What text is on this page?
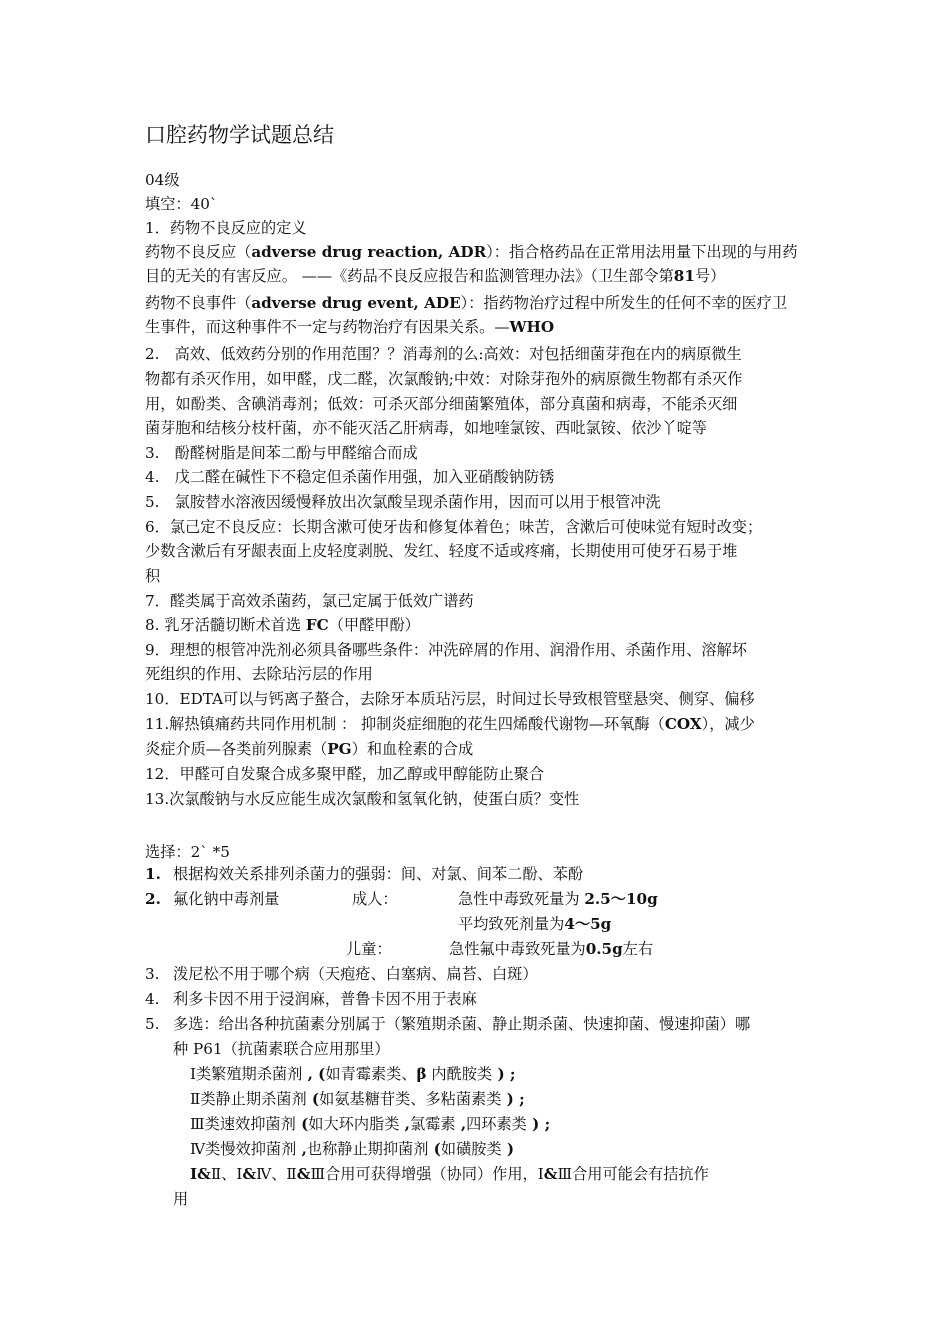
口腔药物学试题总结
04级
填空：40`
1．药物不良反应的定义
药物不良反应（adverse drug reaction, ADR）：指合格药品在正常用法用量下出现的与用药
目的无关的有害反应。 ——《药品不良反应报告和监测管理办法》（卫生部令第81号）
药物不良事件（adverse drug event, ADE）：指药物治疗过程中所发生的任何不幸的医疗卫
生事件，而这种事件不一定与药物治疗有因果关系。—WHO
2.　高效、低效药分别的作用范围？？消毒剂的么:高效：对包括细菌芽孢在内的病原微生
物都有杀灭作用，如甲醛，戊二醛，次氯酸钠;中效：对除芽孢外的病原微生物都有杀灭作
用，如酚类、含碘消毒剂；低效：可杀灭部分细菌繁殖体，部分真菌和病毒，不能杀灭细
菌芽胞和结核分枝杆菌，亦不能灭活乙肝病毒，如地喹氯铵、西吡氯铵、依沙丫啶等
3.　酚醛树脂是间苯二酚与甲醛缩合而成
4.　戊二醛在碱性下不稳定但杀菌作用强，加入亚硝酸钠防锈
5.　氯胺替水溶液因缓慢释放出次氯酸呈现杀菌作用，因而可以用于根管冲洗
6．氯己定不良反应：长期含漱可使牙齿和修复体着色；味苦，含漱后可使味觉有短时改变；
少数含漱后有牙龈表面上皮轻度剥脱、发红、轻度不适或疼痛，长期使用可使牙石易于堆
积
7．醛类属于高效杀菌药，氯己定属于低效广谱药
8. 乳牙活髓切断术首选 FC（甲醛甲酚）
9．理想的根管冲洗剂必须具备哪些条件：冲洗碎屑的作用、润滑作用、杀菌作用、溶解坏
死组织的作用、去除玷污层的作用
10．EDTA可以与钙离子螯合，去除牙本质玷污层，时间过长导致根管壁悬突、侧穿、偏移
11.解热镇痛药共同作用机制 ： 抑制炎症细胞的花生四烯酸代谢物—环氧酶（COX），减少
炎症介质—各类前列腺素（PG）和血栓素的合成
12．甲醛可自发聚合成多聚甲醛，加乙醇或甲醇能防止聚合
13.次氯酸钠与水反应能生成次氯酸和氢氧化钠，使蛋白质？变性
选择：2` *5
1. 根据构效关系排列杀菌力的强弱：间、对氯、间苯二酚、苯酚
2. 氟化钠中毒剂量	成人：	急性中毒致死量为 2.5～10g
平均致死剂量为4～5g
儿童：	急性氟中毒致死量为0.5g左右
3. 泼尼松不用于哪个病（天疱疮、白塞病、扁苔、白斑）
4. 利多卡因不用于浸润麻，普鲁卡因不用于表麻
5. 多选：给出各种抗菌素分别属于（繁殖期杀菌、静止期杀菌、快速抑菌、慢速抑菌）哪
种 P61（抗菌素联合应用那里）
Ⅰ类繁殖期杀菌剂 , (如青霉素类、β 内酰胺类 ) ;
Ⅱ类静止期杀菌剂 (如氨基糖苷类、多粘菌素类 ) ;
Ⅲ类速效抑菌剂 (如大环内脂类 ,氯霉素 ,四环素类 ) ;
Ⅳ类慢效抑菌剂 ,也称静止期抑菌剂 (如磺胺类 )
Ⅰ&Ⅱ、Ⅰ&Ⅳ、Ⅱ&Ⅲ合用可获得增强（协同）作用，Ⅰ&Ⅲ合用可能会有拮抗作
用
